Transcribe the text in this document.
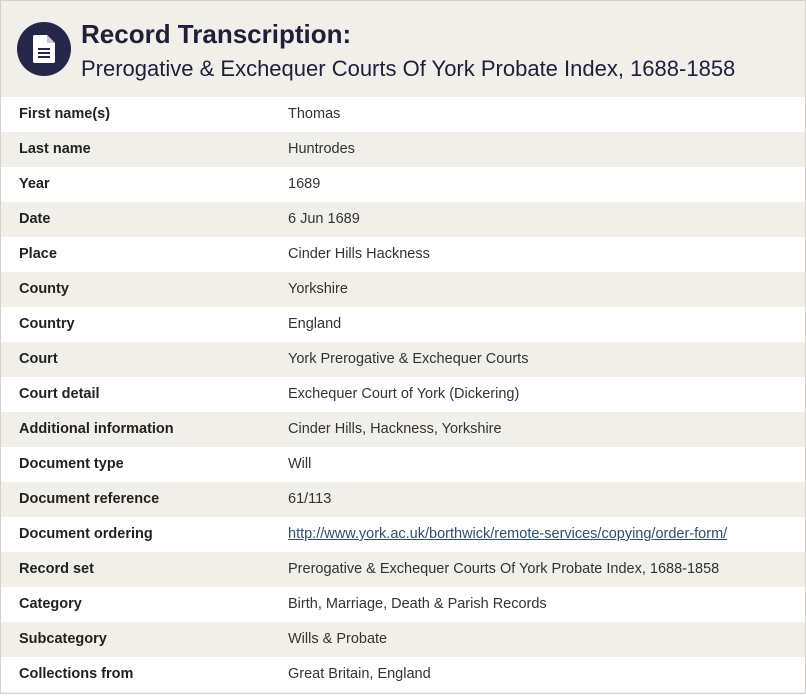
Record Transcription:
Prerogative & Exchequer Courts Of York Probate Index, 1688-1858
First name(s)	Thomas
Last name	Huntrodes
Year	1689
Date	6 Jun 1689
Place	Cinder Hills Hackness
County	Yorkshire
Country	England
Court	York Prerogative & Exchequer Courts
Court detail	Exchequer Court of York (Dickering)
Additional information	Cinder Hills, Hackness, Yorkshire
Document type	Will
Document reference	61/113
Document ordering	http://www.york.ac.uk/borthwick/remote-services/copying/order-form/
Record set	Prerogative & Exchequer Courts Of York Probate Index, 1688-1858
Category	Birth, Marriage, Death & Parish Records
Subcategory	Wills & Probate
Collections from	Great Britain, England
